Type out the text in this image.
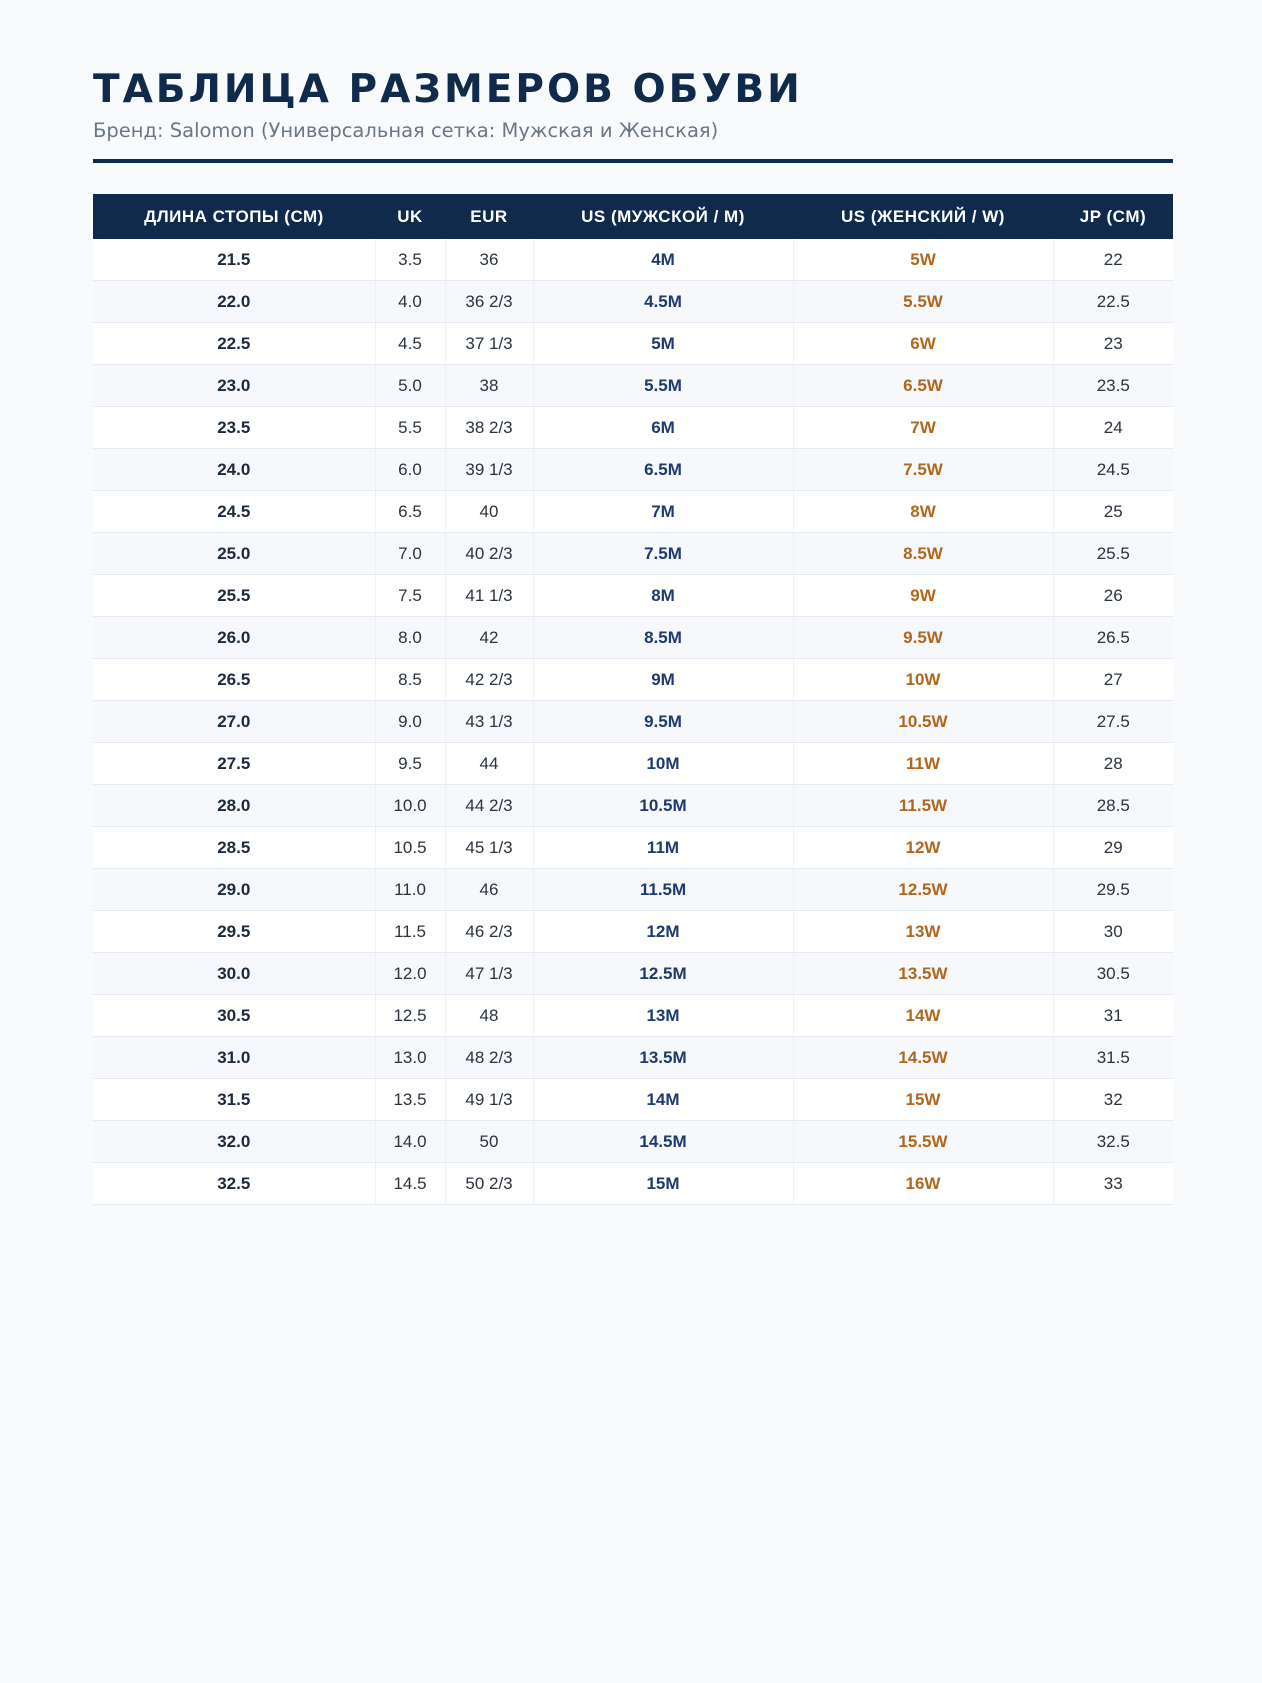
ТАБЛИЦА РАЗМЕРОВ ОБУВИ
Бренд: Salomon (Универсальная сетка: Мужская и Женская)
ДЛИНА СТОПЫ (СМ)	UK	EUR	US (МУЖСКОЙ / M)	US (ЖЕНСКИЙ / W)	JP (CM)
21.5	3.5	36	4M	5W	22
22.0	4.0	36 2/3	4.5M	5.5W	22.5
22.5	4.5	37 1/3	5M	6W	23
23.0	5.0	38	5.5M	6.5W	23.5
23.5	5.5	38 2/3	6M	7W	24
24.0	6.0	39 1/3	6.5M	7.5W	24.5
24.5	6.5	40	7M	8W	25
25.0	7.0	40 2/3	7.5M	8.5W	25.5
25.5	7.5	41 1/3	8M	9W	26
26.0	8.0	42	8.5M	9.5W	26.5
26.5	8.5	42 2/3	9M	10W	27
27.0	9.0	43 1/3	9.5M	10.5W	27.5
27.5	9.5	44	10M	11W	28
28.0	10.0	44 2/3	10.5M	11.5W	28.5
28.5	10.5	45 1/3	11M	12W	29
29.0	11.0	46	11.5M	12.5W	29.5
29.5	11.5	46 2/3	12M	13W	30
30.0	12.0	47 1/3	12.5M	13.5W	30.5
30.5	12.5	48	13M	14W	31
31.0	13.0	48 2/3	13.5M	14.5W	31.5
31.5	13.5	49 1/3	14M	15W	32
32.0	14.0	50	14.5M	15.5W	32.5
32.5	14.5	50 2/3	15M	16W	33
